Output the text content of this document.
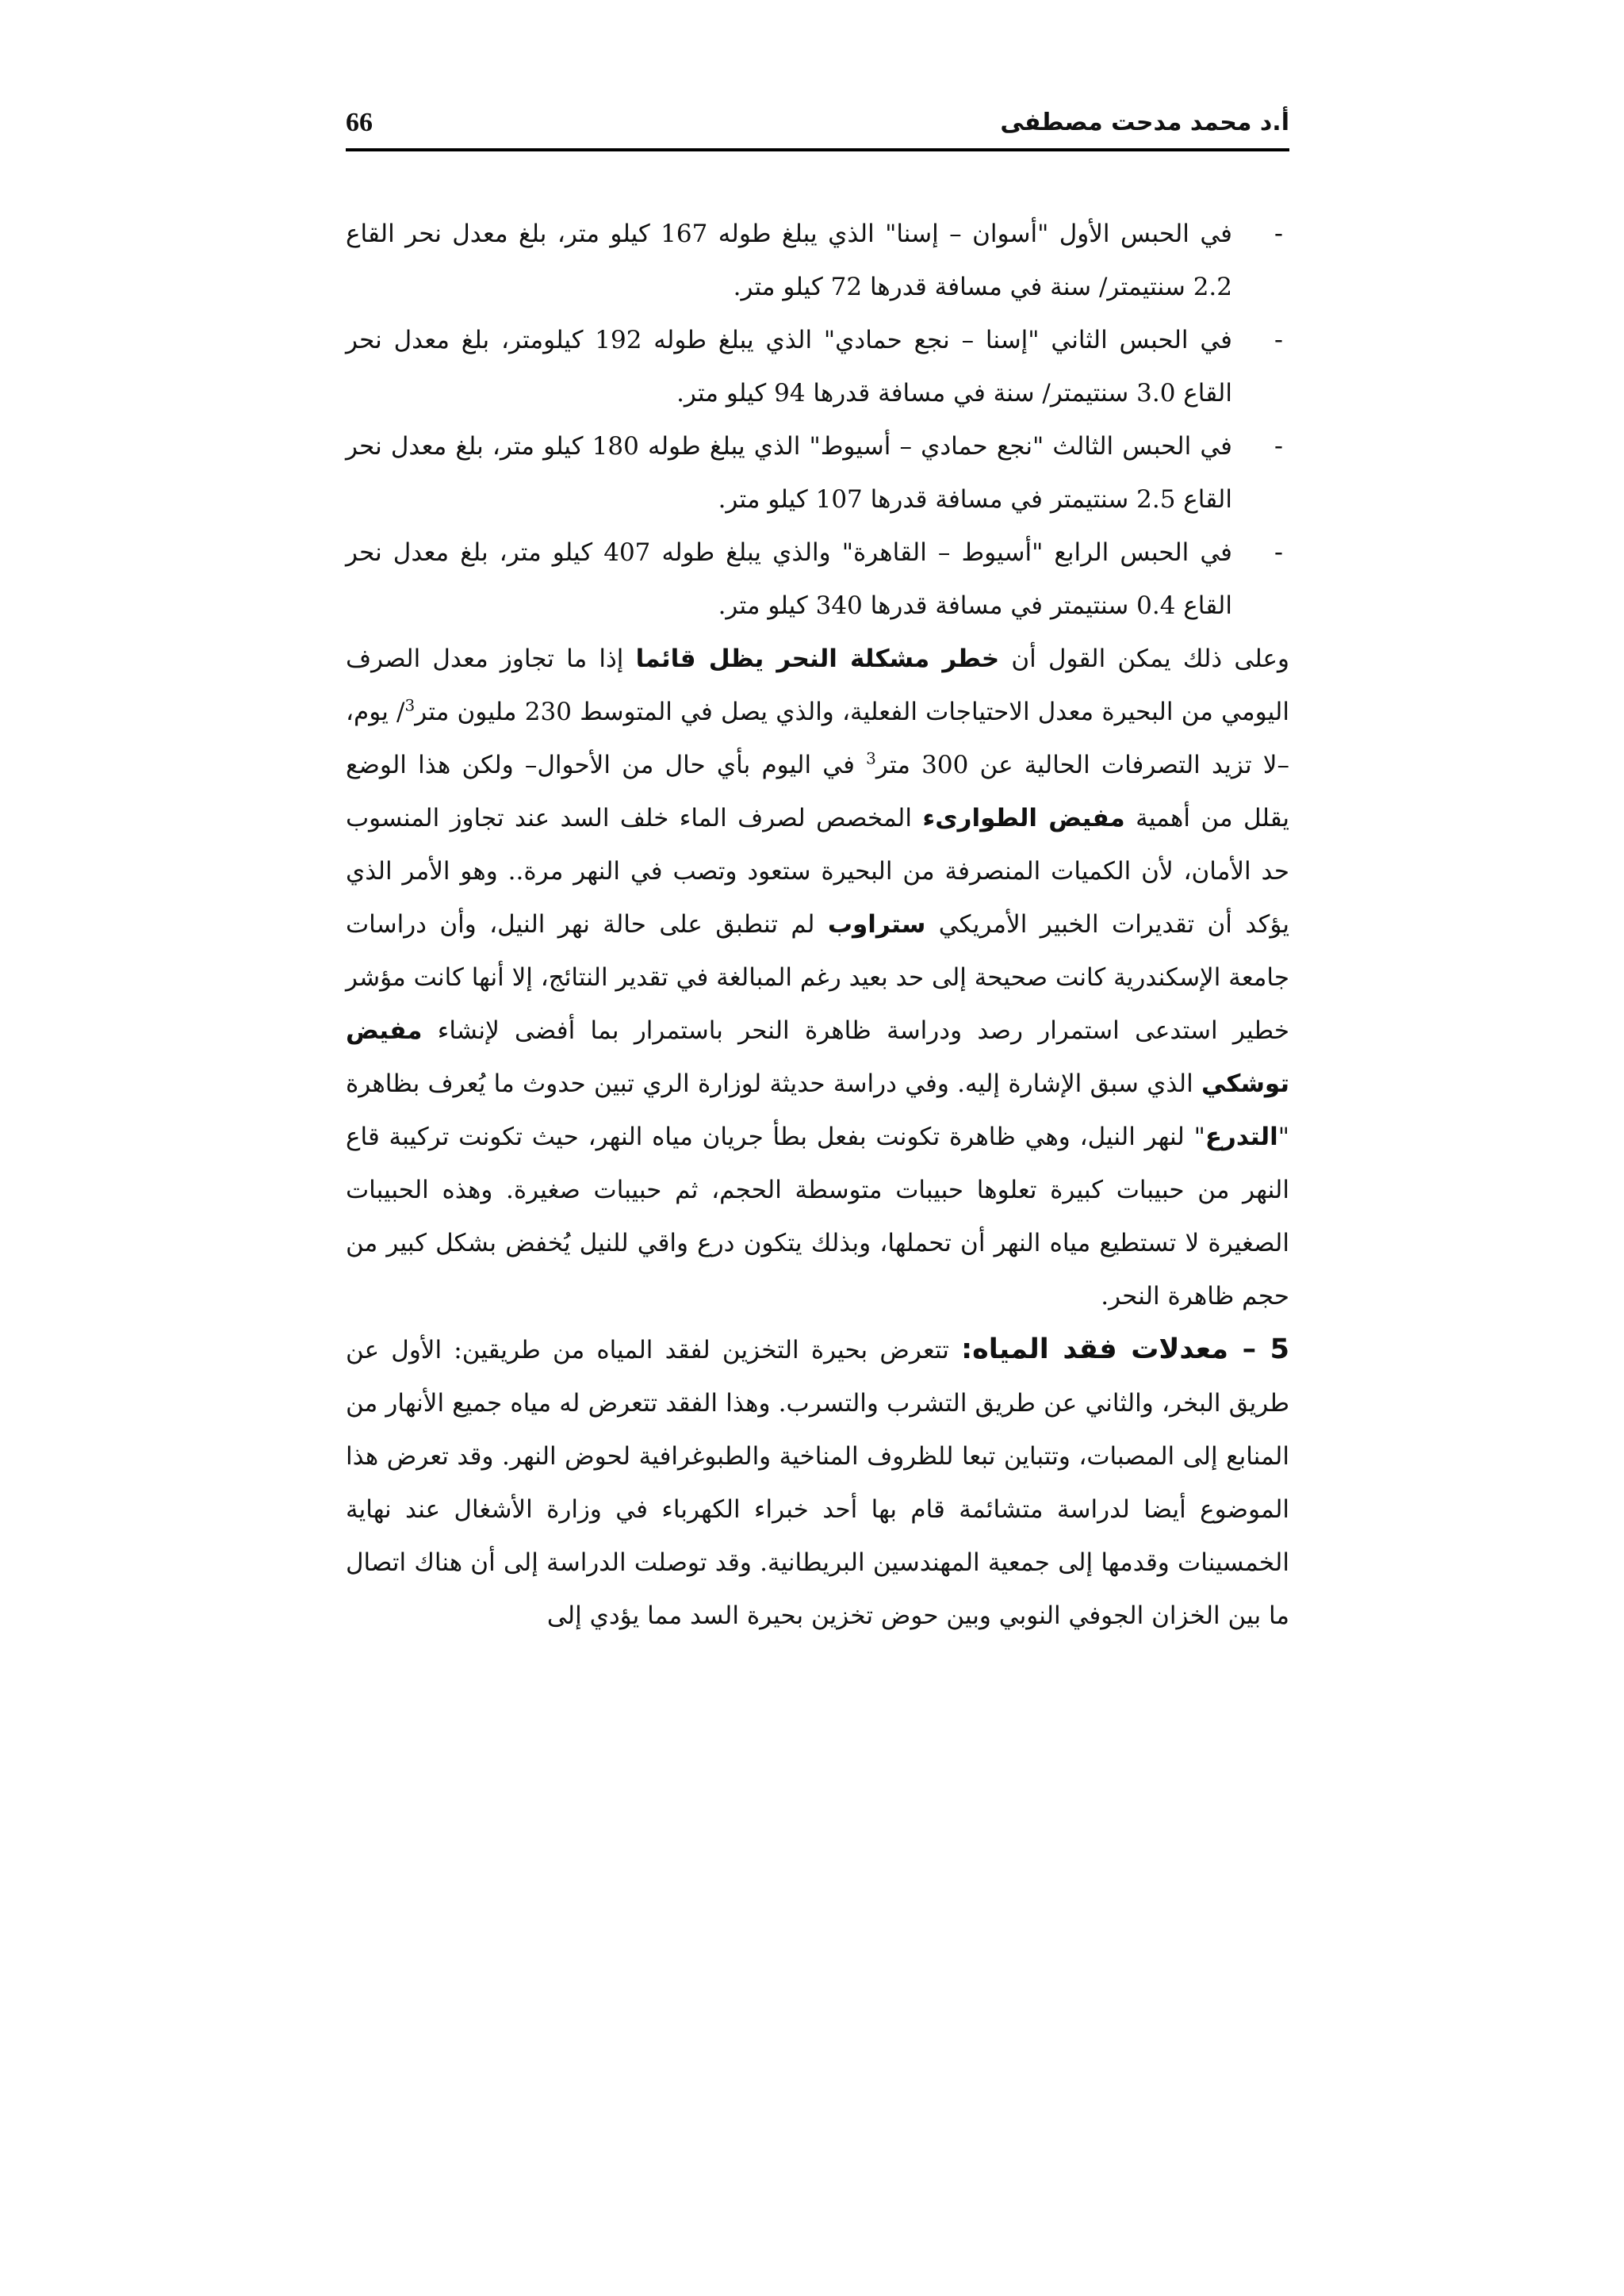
66	أ.د محمد مدحت مصطفى
-
في الحبس الأول "أسوان – إسنا" الذي يبلغ طوله 167 كيلو متر، بلغ معدل نحر القاع 2.2 سنتيمتر/ سنة في مسافة قدرها 72 كيلو متر.
-
في الحبس الثاني "إسنا – نجع حمادي" الذي يبلغ طوله 192 كيلومتر، بلغ معدل نحر القاع 3.0 سنتيمتر/ سنة في مسافة قدرها 94 كيلو متر.
-
في الحبس الثالث "نجع حمادي – أسيوط" الذي يبلغ طوله 180 كيلو متر، بلغ معدل نحر القاع 2.5 سنتيمتر في مسافة قدرها 107 كيلو متر.
-
في الحبس الرابع "أسيوط – القاهرة" والذي يبلغ طوله 407 كيلو متر، بلغ معدل نحر القاع 0.4 سنتيمتر في مسافة قدرها 340 كيلو متر.

وعلى ذلك يمكن القول أن خطر مشكلة النحر يظل قائما إذا ما تجاوز معدل الصرف اليومي من البحيرة معدل الاحتياجات الفعلية، والذي يصل في المتوسط 230 مليون متر$^3$/ يوم، –لا تزيد التصرفات الحالية عن 300 متر$^3$ في اليوم بأي حال من الأحوال– ولكن هذا الوضع يقلل من أهمية مفيض الطوارىء المخصص لصرف الماء خلف السد عند تجاوز المنسوب حد الأمان، لأن الكميات المنصرفة من البحيرة ستعود وتصب في النهر مرة.. وهو الأمر الذي يؤكد أن تقديرات الخبير الأمريكي ستراوب لم تنطبق على حالة نهر النيل، وأن دراسات جامعة الإسكندرية كانت صحيحة إلى حد بعيد رغم المبالغة في تقدير النتائج، إلا أنها كانت مؤشر خطير استدعى استمرار رصد ودراسة ظاهرة النحر باستمرار بما أفضى لإنشاء مفيض توشكي الذي سبق الإشارة إليه. وفي دراسة حديثة لوزارة الري تبين حدوث ما يُعرف بظاهرة "التدرع" لنهر النيل، وهي ظاهرة تكونت بفعل بطأ جريان مياه النهر، حيث تكونت تركيبة قاع النهر من حبيبات كبيرة تعلوها حبيبات متوسطة الحجم، ثم حبيبات صغيرة. وهذه الحبيبات الصغيرة لا تستطيع مياه النهر أن تحملها، وبذلك يتكون درع واقي للنيل يُخفض بشكل كبير من حجم ظاهرة النحر.

5 – معدلات فقد المياه: تتعرض بحيرة التخزين لفقد المياه من طريقين: الأول عن طريق البخر، والثاني عن طريق التشرب والتسرب. وهذا الفقد تتعرض له مياه جميع الأنهار من المنابع إلى المصبات، وتتباين تبعا للظروف المناخية والطبوغرافية لحوض النهر. وقد تعرض هذا الموضوع أيضا لدراسة متشائمة قام بها أحد خبراء الكهرباء في وزارة الأشغال عند نهاية الخمسينات وقدمها إلى جمعية المهندسين البريطانية. وقد توصلت الدراسة إلى أن هناك اتصال ما بين الخزان الجوفي النوبي وبين حوض تخزين بحيرة السد مما يؤدي إلى
